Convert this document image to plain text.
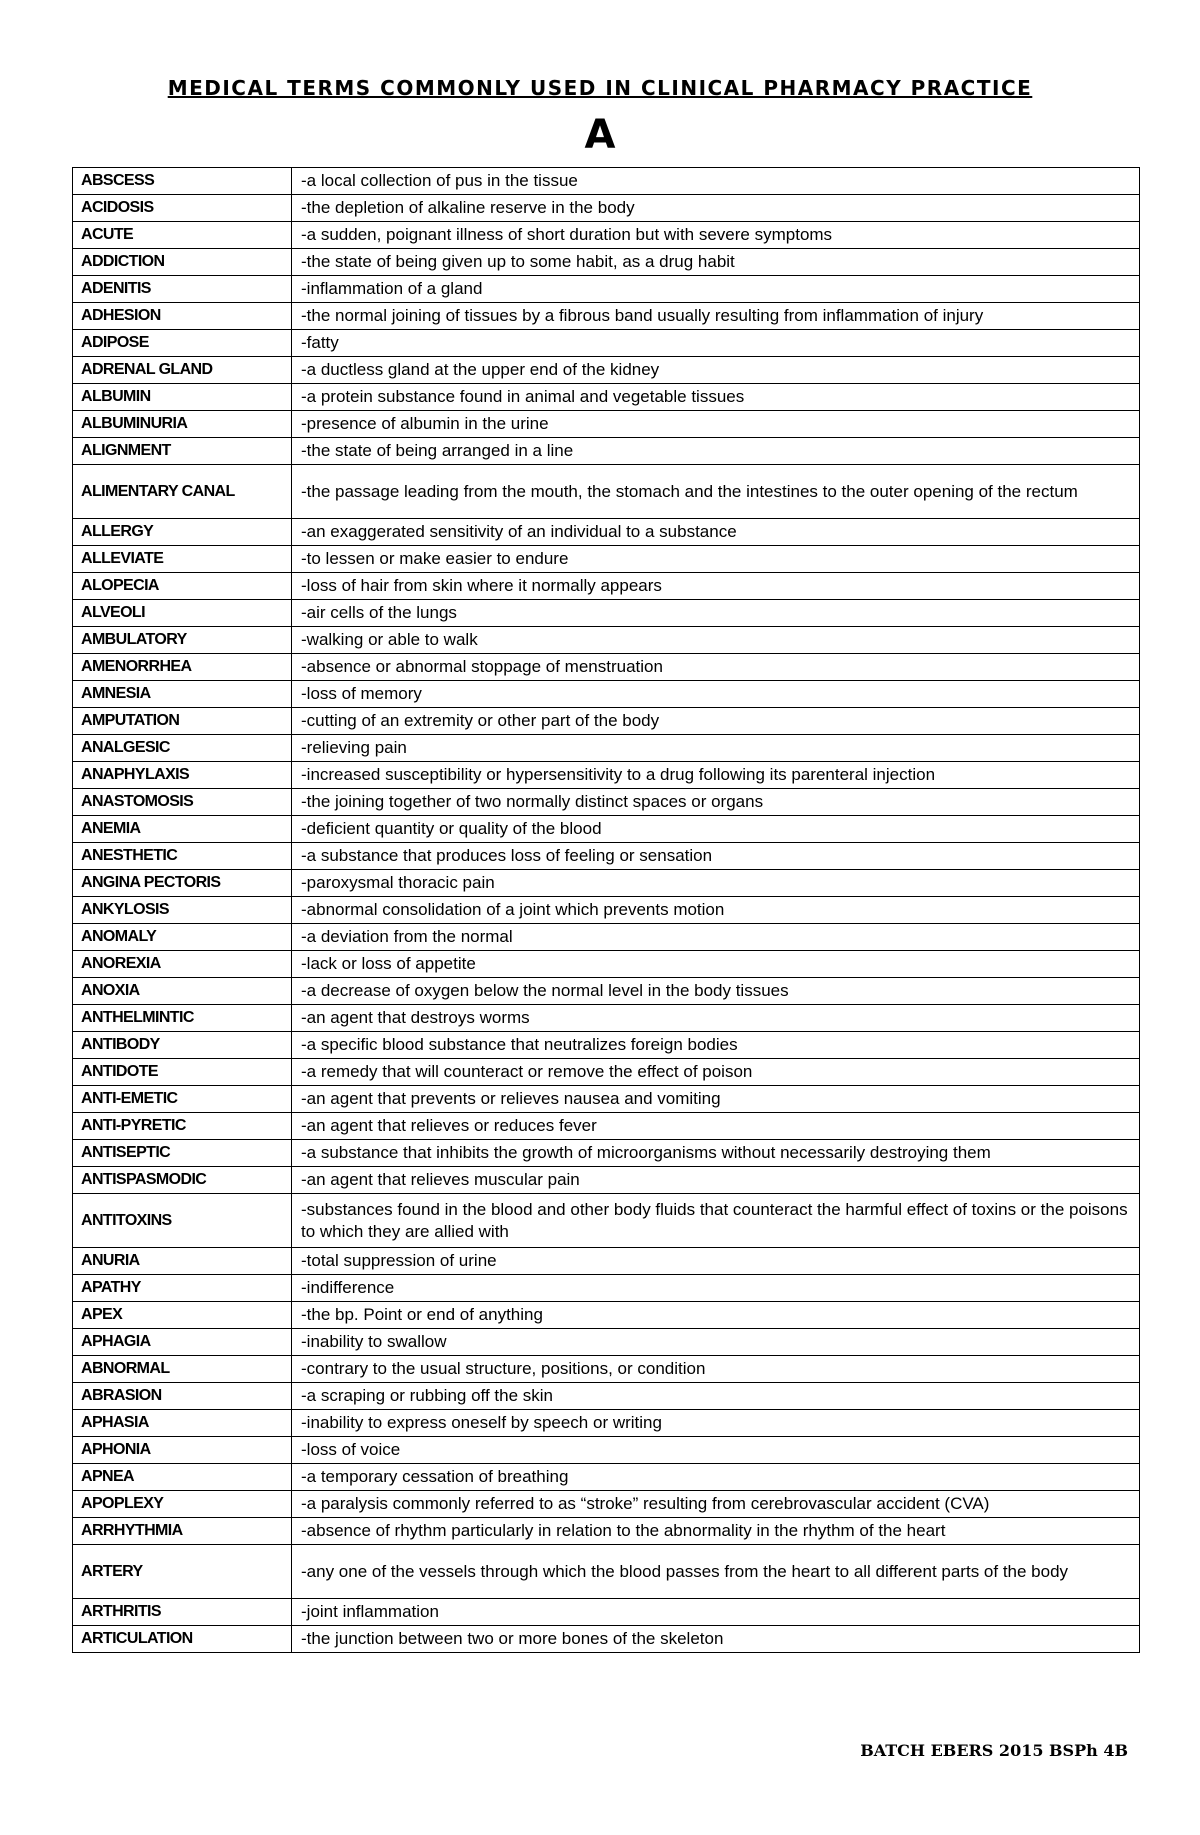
MEDICAL TERMS COMMONLY USED IN CLINICAL PHARMACY PRACTICE
A
ABSCESS	-a local collection of pus in the tissue
ACIDOSIS	-the depletion of alkaline reserve in the body
ACUTE	-a sudden, poignant illness of short duration but with severe symptoms
ADDICTION	-the state of being given up to some habit, as a drug habit
ADENITIS	-inflammation of a gland
ADHESION	-the normal joining of tissues by a fibrous band usually resulting from inflammation of injury
ADIPOSE	-fatty
ADRENAL GLAND	-a ductless gland at the upper end of the kidney
ALBUMIN	-a protein substance found in animal and vegetable tissues
ALBUMINURIA	-presence of albumin in the urine
ALIGNMENT	-the state of being arranged in a line
ALIMENTARY CANAL	-the passage leading from the mouth, the stomach and the intestines to the outer opening of the rectum
ALLERGY	-an exaggerated sensitivity of an individual to a substance
ALLEVIATE	-to lessen or make easier to endure
ALOPECIA	-loss of hair from skin where it normally appears
ALVEOLI	-air cells of the lungs
AMBULATORY	-walking or able to walk
AMENORRHEA	-absence or abnormal stoppage of menstruation
AMNESIA	-loss of memory
AMPUTATION	-cutting of an extremity or other part of the body
ANALGESIC	-relieving pain
ANAPHYLAXIS	-increased susceptibility or hypersensitivity to a drug following its parenteral injection
ANASTOMOSIS	-the joining together of two normally distinct spaces or organs
ANEMIA	-deficient quantity or quality of the blood
ANESTHETIC	-a substance that produces loss of feeling or sensation
ANGINA PECTORIS	-paroxysmal thoracic pain
ANKYLOSIS	-abnormal consolidation of a joint which prevents motion
ANOMALY	-a deviation from the normal
ANOREXIA	-lack or loss of appetite
ANOXIA	-a decrease of oxygen below the normal level in the body tissues
ANTHELMINTIC	-an agent that destroys worms
ANTIBODY	-a specific blood substance that neutralizes foreign bodies
ANTIDOTE	-a remedy that will counteract or remove the effect of poison
ANTI-EMETIC	-an agent that prevents or relieves nausea and vomiting
ANTI-PYRETIC	-an agent that relieves or reduces fever
ANTISEPTIC	-a substance that inhibits the growth of microorganisms without necessarily destroying them
ANTISPASMODIC	-an agent that relieves muscular pain
ANTITOXINS	-substances found in the blood and other body fluids that counteract the harmful effect of toxins or the poisons to which they are allied with
ANURIA	-total suppression of urine
APATHY	-indifference
APEX	-the bp. Point or end of anything
APHAGIA	-inability to swallow
ABNORMAL	-contrary to the usual structure, positions, or condition
ABRASION	-a scraping or rubbing off the skin
APHASIA	-inability to express oneself by speech or writing
APHONIA	-loss of voice
APNEA	-a temporary cessation of breathing
APOPLEXY	-a paralysis commonly referred to as “stroke” resulting from cerebrovascular accident (CVA)
ARRHYTHMIA	-absence of rhythm particularly in relation to the abnormality in the rhythm of the heart
ARTERY	-any one of the vessels through which the blood passes from the heart to all different parts of the body
ARTHRITIS	-joint inflammation
ARTICULATION	-the junction between two or more bones of the skeleton
BATCH EBERS 2015 BSPh 4B
